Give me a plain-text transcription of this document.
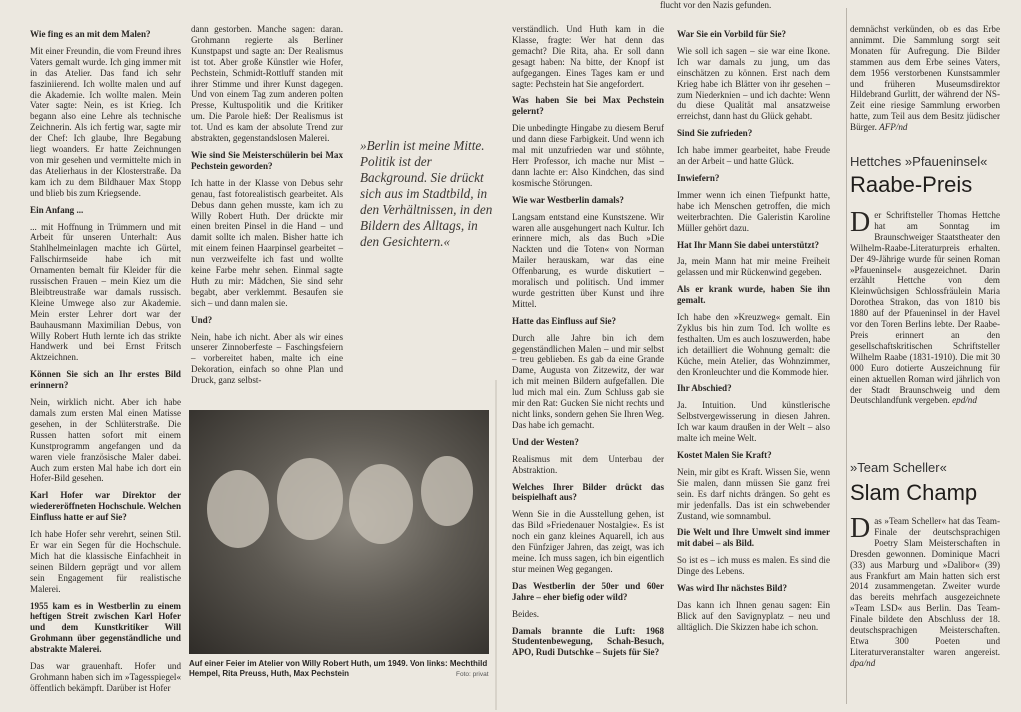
flucht vor den Nazis gefunden.

Wie fing es an mit dem Malen?

Mit einer Freundin, die vom Freund ihres Vaters gemalt wurde. Ich ging immer mit in das Atelier. Das fand ich sehr fasziniierend. Ich wollte malen und auf die Akademie. Ich wollte malen. Mein Vater sagte: Nein, es ist Krieg. Ich begann also eine Lehre als technische Zeichnerin. Als ich fertig war, sagte mir der Chef: Ich glaube, Ihre Begabung liegt woanders. Er hatte Zeichnungen von mir gesehen und vermittelte mich in das Atelierhaus in der Klosterstraße. Da kam ich zu dem Bildhauer Max Stopp und blieb bis zum Kriegsende.

Ein Anfang ...

... mit Hoffnung in Trümmern und mit Arbeit für unseren Unterhalt: Aus Stahlhelmeinlagen machte ich Gürtel, Fallschirmseide habe ich mit Ornamenten bemalt für Kleider für die russischen Frauen – mein Kiez um die Bleibtreustraße war damals russisch. Kleine Umwege also zur Akademie. Mein erster Lehrer dort war der Bauhausmann Maximilian Debus, von Willy Robert Huth lernte ich das strikte Handwerk und bei Ernst Fritsch Aktzeichnen.

Können Sie sich an Ihr erstes Bild erinnern?

Nein, wirklich nicht. Aber ich habe damals zum ersten Mal einen Matisse gesehen, in der Schlüterstraße. Die Russen hatten sofort mit einem Kunstprogramm angefangen und da waren viele französische Maler dabei. Auch zum ersten Mal habe ich dort ein Hofer-Bild gesehen.

Karl Hofer war Direktor der wiedereröffneten Hochschule. Welchen Einfluss hatte er auf Sie?

Ich habe Hofer sehr verehrt, seinen Stil. Er war ein Segen für die Hochschule. Mich hat die klassische Einfachheit in seinen Bildern geprägt und vor allem sein Engagement für realistische Malerei.

1955 kam es in Westberlin zu einem heftigen Streit zwischen Karl Hofer und dem Kunstkritiker Will Grohmann über gegenständliche und abstrakte Malerei.

Das war grauenhaft. Hofer und Grohmann haben sich im »Tagesspiegel« öffentlich bekämpft. Darüber ist Hofer

dann gestorben. Manche sagen: daran. Grohmann regierte als Berliner Kunstpapst und sagte an: Der Realismus ist tot. Aber große Künstler wie Hofer, Pechstein, Schmidt-Rottluff standen mit ihrer Stimme und ihrer Kunst dagegen. Und von einem Tag zum anderen polten Presse, Kultuspolitik und die Kritiker um. Die Parole hieß: Der Realismus ist tot. Und es kam der absolute Trend zur abstrakten, gegenstandslosen Malerei.

Wie sind Sie Meisterschülerin bei Max Pechstein geworden?

Ich hatte in der Klasse von Debus sehr genau, fast fotorealistisch gearbeitet. Als Debus dann gehen musste, kam ich zu Willy Robert Huth. Der drückte mir einen breiten Pinsel in die Hand – und damit sollte ich malen. Bisher hatte ich mit einem feinen Haarpinsel gearbeitet – nun verzweifelte ich fast und wollte keine Farbe mehr sehen. Einmal sagte Huth zu mir: Mädchen, Sie sind sehr begabt, aber verklemmt. Besaufen sie sich – und dann malen sie.

Und?

Nein, habe ich nicht. Aber als wir eines unserer Zinnoberfeste – Faschingsfeiern – vorbereitet haben, malte ich eine Dekoration, einfach so ohne Plan und Druck, ganz selbst-

verständlich. Und Huth kam in die Klasse, fragte: Wer hat denn das gemacht? Die Rita, aha. Er soll dann gesagt haben: Na bitte, der Knopf ist aufgegangen. Eines Tages kam er und sagte: Pechstein hat Sie angefordert.

Was haben Sie bei Max Pechstein gelernt?

Die unbedingte Hingabe zu diesem Beruf und dann diese Farbigkeit. Und wenn ich mal mit unzufrieden war und stöhnte, Herr Professor, ich mache nur Mist – dann lachte er: Also Kindchen, das sind kosmische Störungen.

Wie war Westberlin damals?

Langsam entstand eine Kunstszene. Wir waren alle ausgehungert nach Kultur. Ich erinnere mich, als das Buch »Die Nackten und die Toten« von Norman Mailer herauskam, war das eine Offenbarung, es wurde diskutiert – moralisch und politisch. Und immer wurde gestritten über Kunst und ihre Mittel.

Hatte das Einfluss auf Sie?

Durch alle Jahre bin ich dem gegenständlichen Malen – und mir selbst – treu geblieben. Es gab da eine Grande Dame, Augusta von Zitzewitz, der war ich mit meinen Bildern aufgefallen. Die lud mich mal ein. Zum Schluss gab sie mir den Rat: Gucken Sie nicht rechts und nicht links, sondern gehen Sie Ihren Weg. Das habe ich gemacht.

Und der Westen?

Realismus mit dem Unterbau der Abstraktion.

Welches Ihrer Bilder drückt das beispielhaft aus?

Wenn Sie in die Ausstellung gehen, ist das Bild »Friedenauer Nostalgie«. Es ist noch ein ganz kleines Aquarell, ich aus den Fünfziger Jahren, das zeigt, was ich meine. Ich muss sagen, ich bin eigentlich stur meinen Weg gegangen.

Das Westberlin der 50er und 60er Jahre – eher biefig oder wild?

Beides.

Damals brannte die Luft: 1968 Studentenbewegung, Schah-Besuch, APO, Rudi Dutschke – Sujets für Sie?

War Sie ein Vorbild für Sie?

Wie soll ich sagen – sie war eine Ikone. Ich war damals zu jung, um das einschätzen zu können. Erst nach dem Krieg habe ich Blätter von ihr gesehen – zum Niederknien – und ich dachte: Wenn du diese Qualität mal ansatzweise erreichst, dann hast du Glück gehabt.

Sind Sie zufrieden?

Ich habe immer gearbeitet, habe Freude an der Arbeit – und hatte Glück.

Inwiefern?

Immer wenn ich einen Tiefpunkt hatte, habe ich Menschen getroffen, die mich weiterbrachten. Die Galeristin Karoline Müller gehört dazu.

Hat Ihr Mann Sie dabei unterstützt?

Ja, mein Mann hat mir meine Freiheit gelassen und mir Rückenwind gegeben.

Als er krank wurde, haben Sie ihn gemalt.

Ich habe den »Kreuzweg« gemalt. Ein Zyklus bis hin zum Tod. Ich wollte es festhalten. Um es auch loszuwerden, habe ich detailliert die Wohnung gemalt: die Küche, mein Atelier, das Wohnzimmer, den Kronleuchter und die Kommode hier.

Ihr Abschied?

Ja. Intuition. Und künstlerische Selbstvergewisserung in diesen Jahren. Ich war kaum draußen in der Welt – also malte ich meine Welt.

Kostet Malen Sie Kraft?

Nein, mir gibt es Kraft. Wissen Sie, wenn Sie malen, dann müssen Sie ganz frei sein. Es darf nichts drängen. So geht es mir jedenfalls. Das ist ein schwebender Zustand, wie somnambul.

Die Welt und Ihre Umwelt sind immer mit dabei – als Bild.

So ist es – ich muss es malen. Es sind die Dinge des Lebens.

Was wird Ihr nächstes Bild?

Das kann ich Ihnen genau sagen: Ein Blick auf den Savignyplatz – neu und alltäglich. Die Skizzen habe ich schon.

»Berlin ist meine Mitte. Politik ist der Background. Sie drückt sich aus im Stadtbild, in den Verhältnissen, in den Bildern des Alltags, in den Gesichtern.«
Auf einer Feier im Atelier von Willy Robert Huth, um 1949. Von links: Mechthild Hempel, Rita Preuss, Huth, Max Pechstein	Foto: privat

demnächst verkünden, ob es das Erbe annimmt. Die Sammlung sorgt seit Monaten für Aufregung. Die Bilder stammen aus dem Erbe seines Vaters, dem 1956 verstorbenen Kunstsammler und früheren Museumsdirektor Hildebrand Gurlitt, der während der NS-Zeit eine riesige Sammlung erworben hatte, zum Teil aus dem Besitz jüdischer Bürger. AFP/nd

Hettches »Pfaueninsel«
Raabe-Preis

Der Schriftsteller Thomas Hettche hat am Sonntag im Braunschweiger Staatstheater den Wilhelm-Raabe-Literaturpreis erhalten. Der 49-Jährige wurde für seinen Roman »Pfaueninsel« ausgezeichnet. Darin erzählt Hettche von dem Kleinwüchsigen Schlossfräulein Maria Dorothea Strakon, das von 1810 bis 1880 auf der Pfaueninsel in der Havel vor den Toren Berlins lebte. Der Raabe-Preis erinnert an den gesellschaftskritischen Schriftsteller Wilhelm Raabe (1831-1910). Die mit 30 000 Euro dotierte Auszeichnung für einen aktuellen Roman wird jährlich von der Stadt Braunschweig und dem Deutschlandfunk vergeben. epd/nd

»Team Scheller«
Slam Champ

Das »Team Scheller« hat das Team-Finale der deutschsprachigen Poetry Slam Meisterschaften in Dresden gewonnen. Dominique Macri (33) aus Marburg und »Dalibor« (39) aus Frankfurt am Main hatten sich erst 2014 zusammengetan. Zweiter wurde das bereits mehrfach ausgezeichnete »Team LSD« aus Berlin. Das Team-Finale bildete den Abschluss der 18. deutschsprachigen Meisterschaften. Etwa 300 Poeten und Literaturveranstalter waren angereist. dpa/nd
